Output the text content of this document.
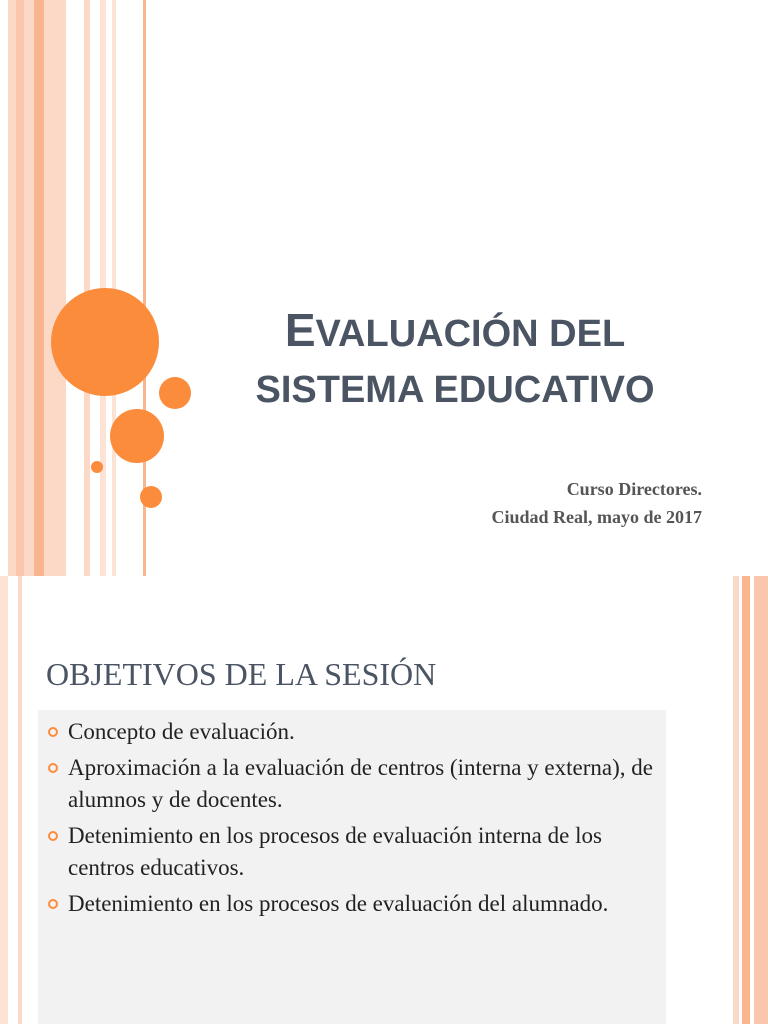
EVALUACIÓN DEL
SISTEMA EDUCATIVO
Curso Directores.
Ciudad Real, mayo de 2017
OBJETIVOS DE LA SESIÓN
Concepto de evaluación.
Aproximación a la evaluación de centros (interna y externa), de alumnos y de docentes.
Detenimiento en los procesos de evaluación interna de los centros educativos.
Detenimiento en los procesos de evaluación del alumnado.
